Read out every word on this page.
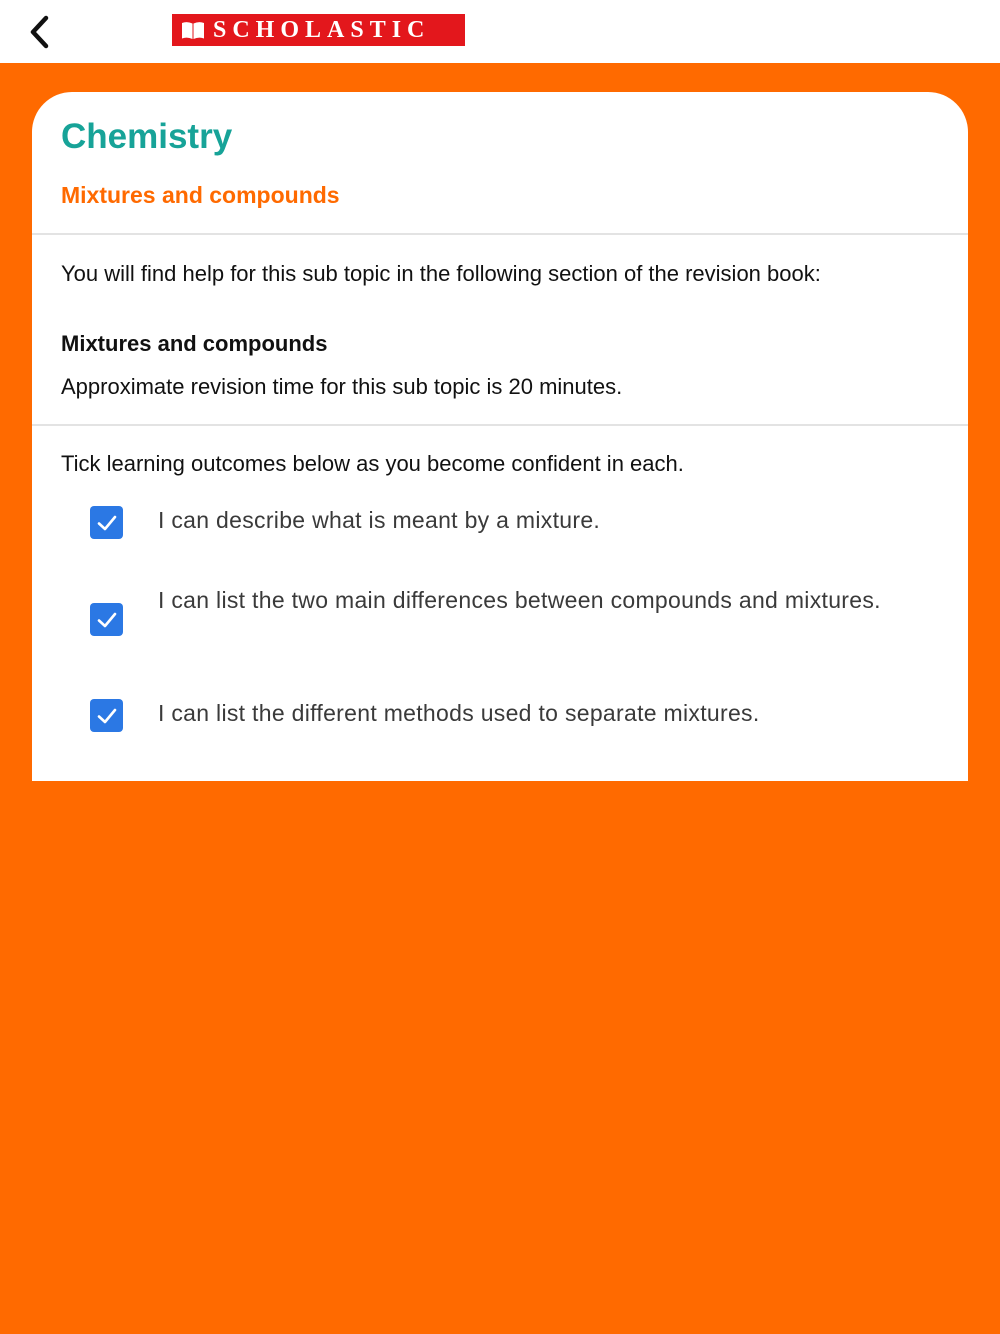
SCHOLASTIC
Chemistry
Mixtures and compounds
You will find help for this sub topic in the following section of the revision book:
Mixtures and compounds
Approximate revision time for this sub topic is 20 minutes.
Tick learning outcomes below as you become confident in each.
I can describe what is meant by a mixture.
I can list the two main differences between compounds and mixtures.
I can list the different methods used to separate mixtures.
